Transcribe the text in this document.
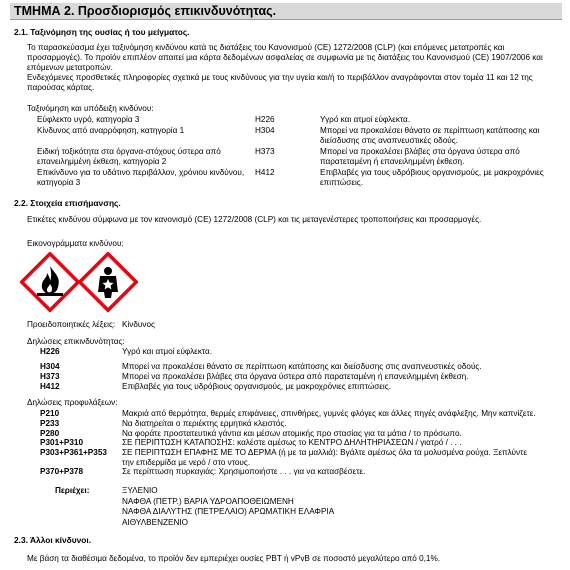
ΤΜΗΜΑ 2. Προσδιορισμός επικινδυνότητας.
2.1. Ταξινόμηση της ουσίας ή του μείγματος.
Το παρασκεύασμα έχει ταξινόμηση κινδύνου κατά τις διατάξεις του Κανονισμού (CE) 1272/2008 (CLP) (και επόμενες μετατροπές και
προσαρμογές). Το προϊόν επιπλέον απαιτεί μια κάρτα δεδομένων ασφαλείας σε συμφωνία με τις διατάξεις του Κανονισμού (CE) 1907/2006 και
επόμενων μετατροπών.
Ενδεχόμενες προσθετικές πληροφορίες σχετικά με τους κινδύνους για την υγεία και/ή το περιβάλλον αναγράφονται στον τομέα 11 και 12 της
παρούσας κάρτας.
Ταξινόμηση και υπόδειξη κινδύνου:
Εύφλεκτο υγρό, κατηγορία 3	H226	Υγρό και ατμοί εύφλεκτα.
Κίνδυνος από αναρρόφηση, κατηγορία 1	H304	Μπορεί να προκαλέσει θάνατο σε περίπτωση κατάποσης και
διείσδυσης στις αναπνευστικές οδούς.
Ειδική τοξικότητα στα όργανα-στόχους ύστερα από
επανειλημμένη έκθεση, κατηγορία 2
H373	Μπορεί να προκαλέσει βλάβες στα όργανα ύστερα από
παρατεταμένη ή επανειλημμένη έκθεση.
Επικίνδυνο για το υδάτινο περιβάλλον, χρόνιου κινδύνου,
κατηγορία 3
H412	Επιβλαβές για τους υδρόβιους οργανισμούς, με μακροχρόνιες
επιπτώσεις.
2.2. Στοιχεία επισήμανσης.
Ετικέτες κινδύνου σύμφωνα με τον κανονισμό (CE) 1272/2008 (CLP) και τις μεταγενέστερες τροποποιήσεις και προσαρμογές.
Εικονογράμματα κινδύνου:
Προειδοποιητικές λέξεις: Κίνδυνος
Δηλώσεις επικινδυνότητας:
H226	Υγρό και ατμοί εύφλεκτα.
H304	Μπορεί να προκαλέσει θάνατο σε περίπτωση κατάποσης και διείσδυσης στις αναπνευστικές οδούς.
H373	Μπορεί να προκαλέσει βλάβες στα όργανα ύστερα από παρατεταμένη ή επανειλημμένη έκθεση.
H412	Επιβλαβές για τους υδρόβιους οργανισμούς, με μακροχρόνιες επιπτώσεις.
Δηλώσεις προφυλάξεων:
P210	Μακριά από θερμότητα, θερμές επιφάνειες, σπινθήρες, γυμνές φλόγες και άλλες πηγές ανάφλεξης. Μην καπνίζετε.
P233	Να διατηρείται ο περιέκτης ερμητικά κλειστός.
P280	Να φοράτε προστατευτικά γάντια και μέσων ατομικής προ στασίας για τα μάτια / το πρόσωπο.
P301+P310	ΣΕ ΠΕΡΙΠΤΩΣΗ ΚΑΤΑΠΟΣΗΣ: καλέστε αμέσως το ΚΕΝΤΡΟ ΔΗΛΗΤΗΡΙΑΣΕΩΝ / γιατρό / . . .
P303+P361+P353 ΣΕ ΠΕΡΙΠΤΩΣΗ ΕΠΑΦΗΣ ΜΕ ΤΟ ΔΕΡΜΑ (ή με τα μαλλιά): Βγάλτε αμέσως όλα τα μολυσμένα ρούχα. Ξεπλύντε
την επιδερμίδα με νερό / στο ντους.
P370+P378	Σε περίπτωση πυρκαγιάς: Χρησιμοποιήστε . . . για να κατασβέσετε.
Περιέχει:	ΞΥΛΕΝΙΟ
ΝΑΦΘΑ (ΠΕΤΡ.) ΒΑΡΙΑ ΥΔΡΟΑΠΟΘΕΙΩΜΕΝΗ
ΝΑΦΘΑ ΔΙΑΛΥΤΗΣ (ΠΕΤΡΕΛΑΙΟ) ΑΡΩΜΑΤΙΚΗ ΕΛΑΦΡΙΑ
ΑΙΘΥΛΒΕΝΖΕΝΙΟ
2.3. Άλλοι κίνδυνοι.
Με βάση τα διαθέσιμα δεδομένα, το προϊόν δεν εμπεριέχει ουσίες PBT ή vPvB σε ποσοστό μεγαλύτερο από 0,1%.
